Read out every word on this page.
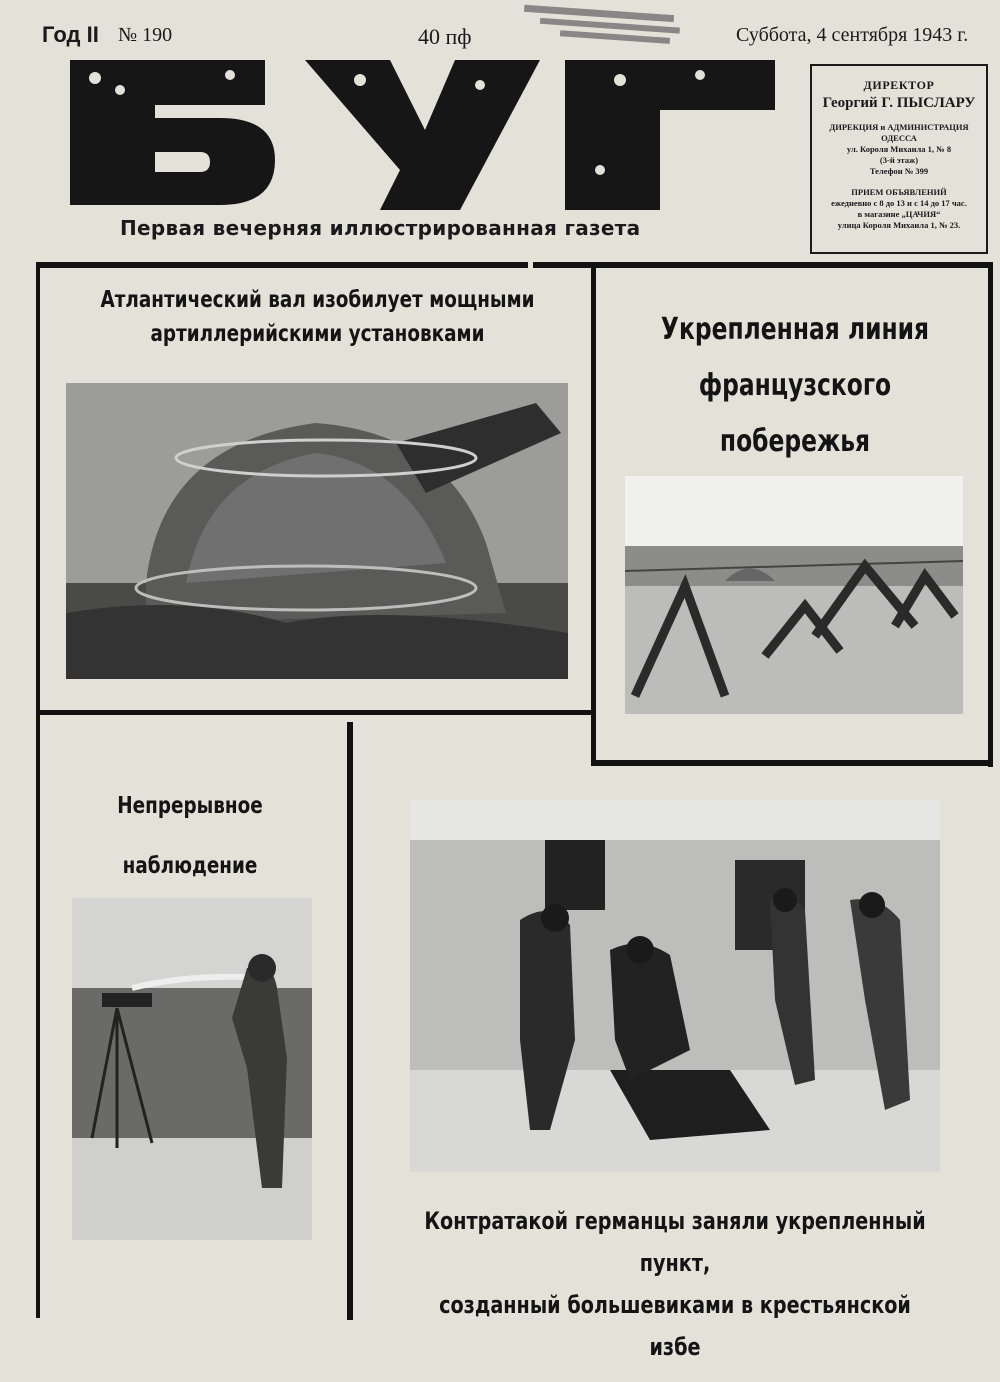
Год II № 190	40 пф	Суббота, 4 сентября 1943 г.
Первая вечерняя иллюстрированная газета
ДИРЕКТОР
Георгий Г. ПЫСЛАРУ
ДИРЕКЦИЯ и АДМИНИСТРАЦИЯ
ОДЕССА
ул. Короля Михаила 1, № 8
(3-й этаж)
Телефон № 399
ПРИЕМ ОБЪЯВЛЕНИЙ
ежедневно с 8 до 13 и с 14 до 17 час.
в магазине „ЦАЧИЯ“
улица Короля Михаила 1, № 23.
Атлантический вал изобилует мощными
артиллерийскими установками	Укрепленная линия
французского побережья
Непрерывное наблюдение
Контратакой германцы заняли укрепленный пункт,
созданный большевиками в крестьянской избе
